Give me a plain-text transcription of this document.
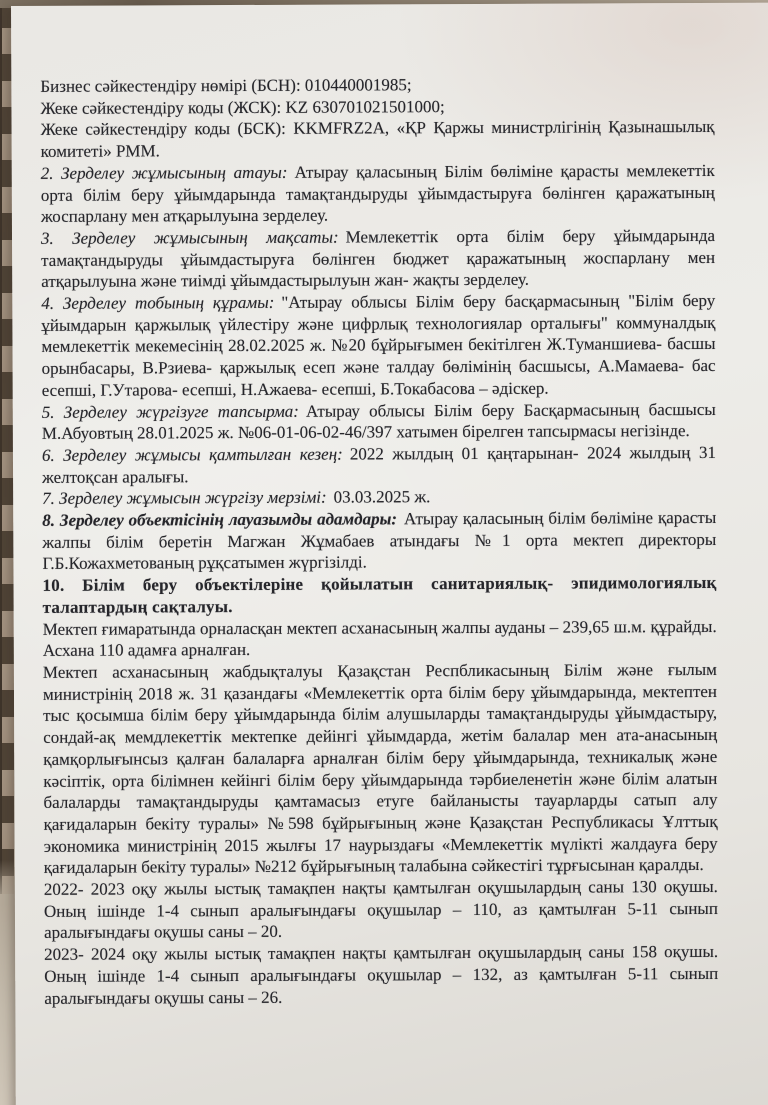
Бизнес сәйкестендіру нөмірі (БСН): 010440001985;

Жеке сәйкестендіру коды (ЖСК): KZ 630701021501000;

Жеке сәйкестендіру коды (БСК): KKMFRZ2A, «ҚР Қаржы министрлігінің Қазынашылық комитеті» РММ.

2. Зерделеу жұмысының атауы: Атырау қаласының Білім бөліміне қарасты мемлекеттік орта білім беру ұйымдарында тамақтандыруды ұйымдастыруға бөлінген қаражатының жоспарлану мен атқарылуына зерделеу.

3. Зерделеу жұмысының мақсаты: Мемлекеттік орта білім беру ұйымдарында тамақтандыруды ұйымдастыруға бөлінген бюджет қаражатының жоспарлану мен атқарылуына және тиімді ұйымдастырылуын жан- жақты зерделеу.

4. Зерделеу тобының құрамы: "Атырау облысы Білім беру басқармасының "Білім беру ұйымдарын қаржылық үйлестіру және цифрлық технологиялар орталығы" коммуналдық мемлекеттік мекемесінің 28.02.2025 ж. №20 бұйрығымен бекітілген Ж.Туманшиева- басшы орынбасары, В.Рзиева- қаржылық есеп және талдау бөлімінің басшысы, А.Мамаева- бас есепші, Г.Утарова- есепші, Н.Ажаева- есепші, Б.Токабасова – әдіскер.

5. Зерделеу жүргізуге тапсырма: Атырау облысы Білім беру Басқармасының басшысы М.Абуовтың 28.01.2025 ж. №06-01-06-02-46/397 хатымен бірелген тапсырмасы негізінде.

6. Зерделеу жұмысы қамтылған кезең: 2022 жылдың 01 қаңтарынан- 2024 жылдың 31 желтоқсан аралығы.

7. Зерделеу жұмысын жүргізу мерзімі: 03.03.2025 ж.

8. Зерделеу объектісінің лауазымды адамдары: Атырау қаласының білім бөліміне қарасты жалпы білім беретін Магжан Жұмабаев атындағы №1 орта мектеп директоры Г.Б.Кожахметованың рұқсатымен жүргізілді.

10. Білім беру объектілеріне қойылатын санитариялық- эпидимологиялық талаптардың сақталуы.

Мектеп ғимаратында орналасқан мектеп асханасының жалпы ауданы – 239,65 ш.м. құрайды. Асхана 110 адамға арналған.

Мектеп асханасының жабдықталуы Қазақстан Респбликасының Білім және ғылым министрінің 2018 ж. 31 қазандағы «Мемлекеттік орта білім беру ұйымдарында, мектептен тыс қосымша білім беру ұйымдарында білім алушыларды тамақтандыруды ұйымдастыру, сондай-ақ мемдлекеттік мектепке дейінгі ұйымдарда, жетім балалар мен ата-анасының қамқорлығынсыз қалған балаларға арналған білім беру ұйымдарында, техникалық және кәсіптік, орта білімнен кейінгі білім беру ұйымдарында тәрбиеленетін және білім алатын балаларды тамақтандыруды қамтамасыз етуге байланысты тауарларды сатып алу қағидаларын бекіту туралы» №598 бұйрығының және Қазақстан Республикасы Ұлттық экономика министрінің 2015 жылғы 17 наурыздағы «Мемлекеттік мүлікті жалдауға беру қағидаларын бекіту туралы» №212 бұйрығының талабына сәйкестігі тұрғысынан қаралды.

2022- 2023 оқу жылы ыстық тамақпен нақты қамтылған оқушылардың саны 130 оқушы. Оның ішінде 1-4 сынып аралығындағы оқушылар – 110, аз қамтылған 5-11 сынып аралығындағы оқушы саны – 20.

2023- 2024 оқу жылы ыстық тамақпен нақты қамтылған оқушылардың саны 158 оқушы. Оның ішінде 1-4 сынып аралығындағы оқушылар – 132, аз қамтылған 5-11 сынып аралығындағы оқушы саны – 26.
